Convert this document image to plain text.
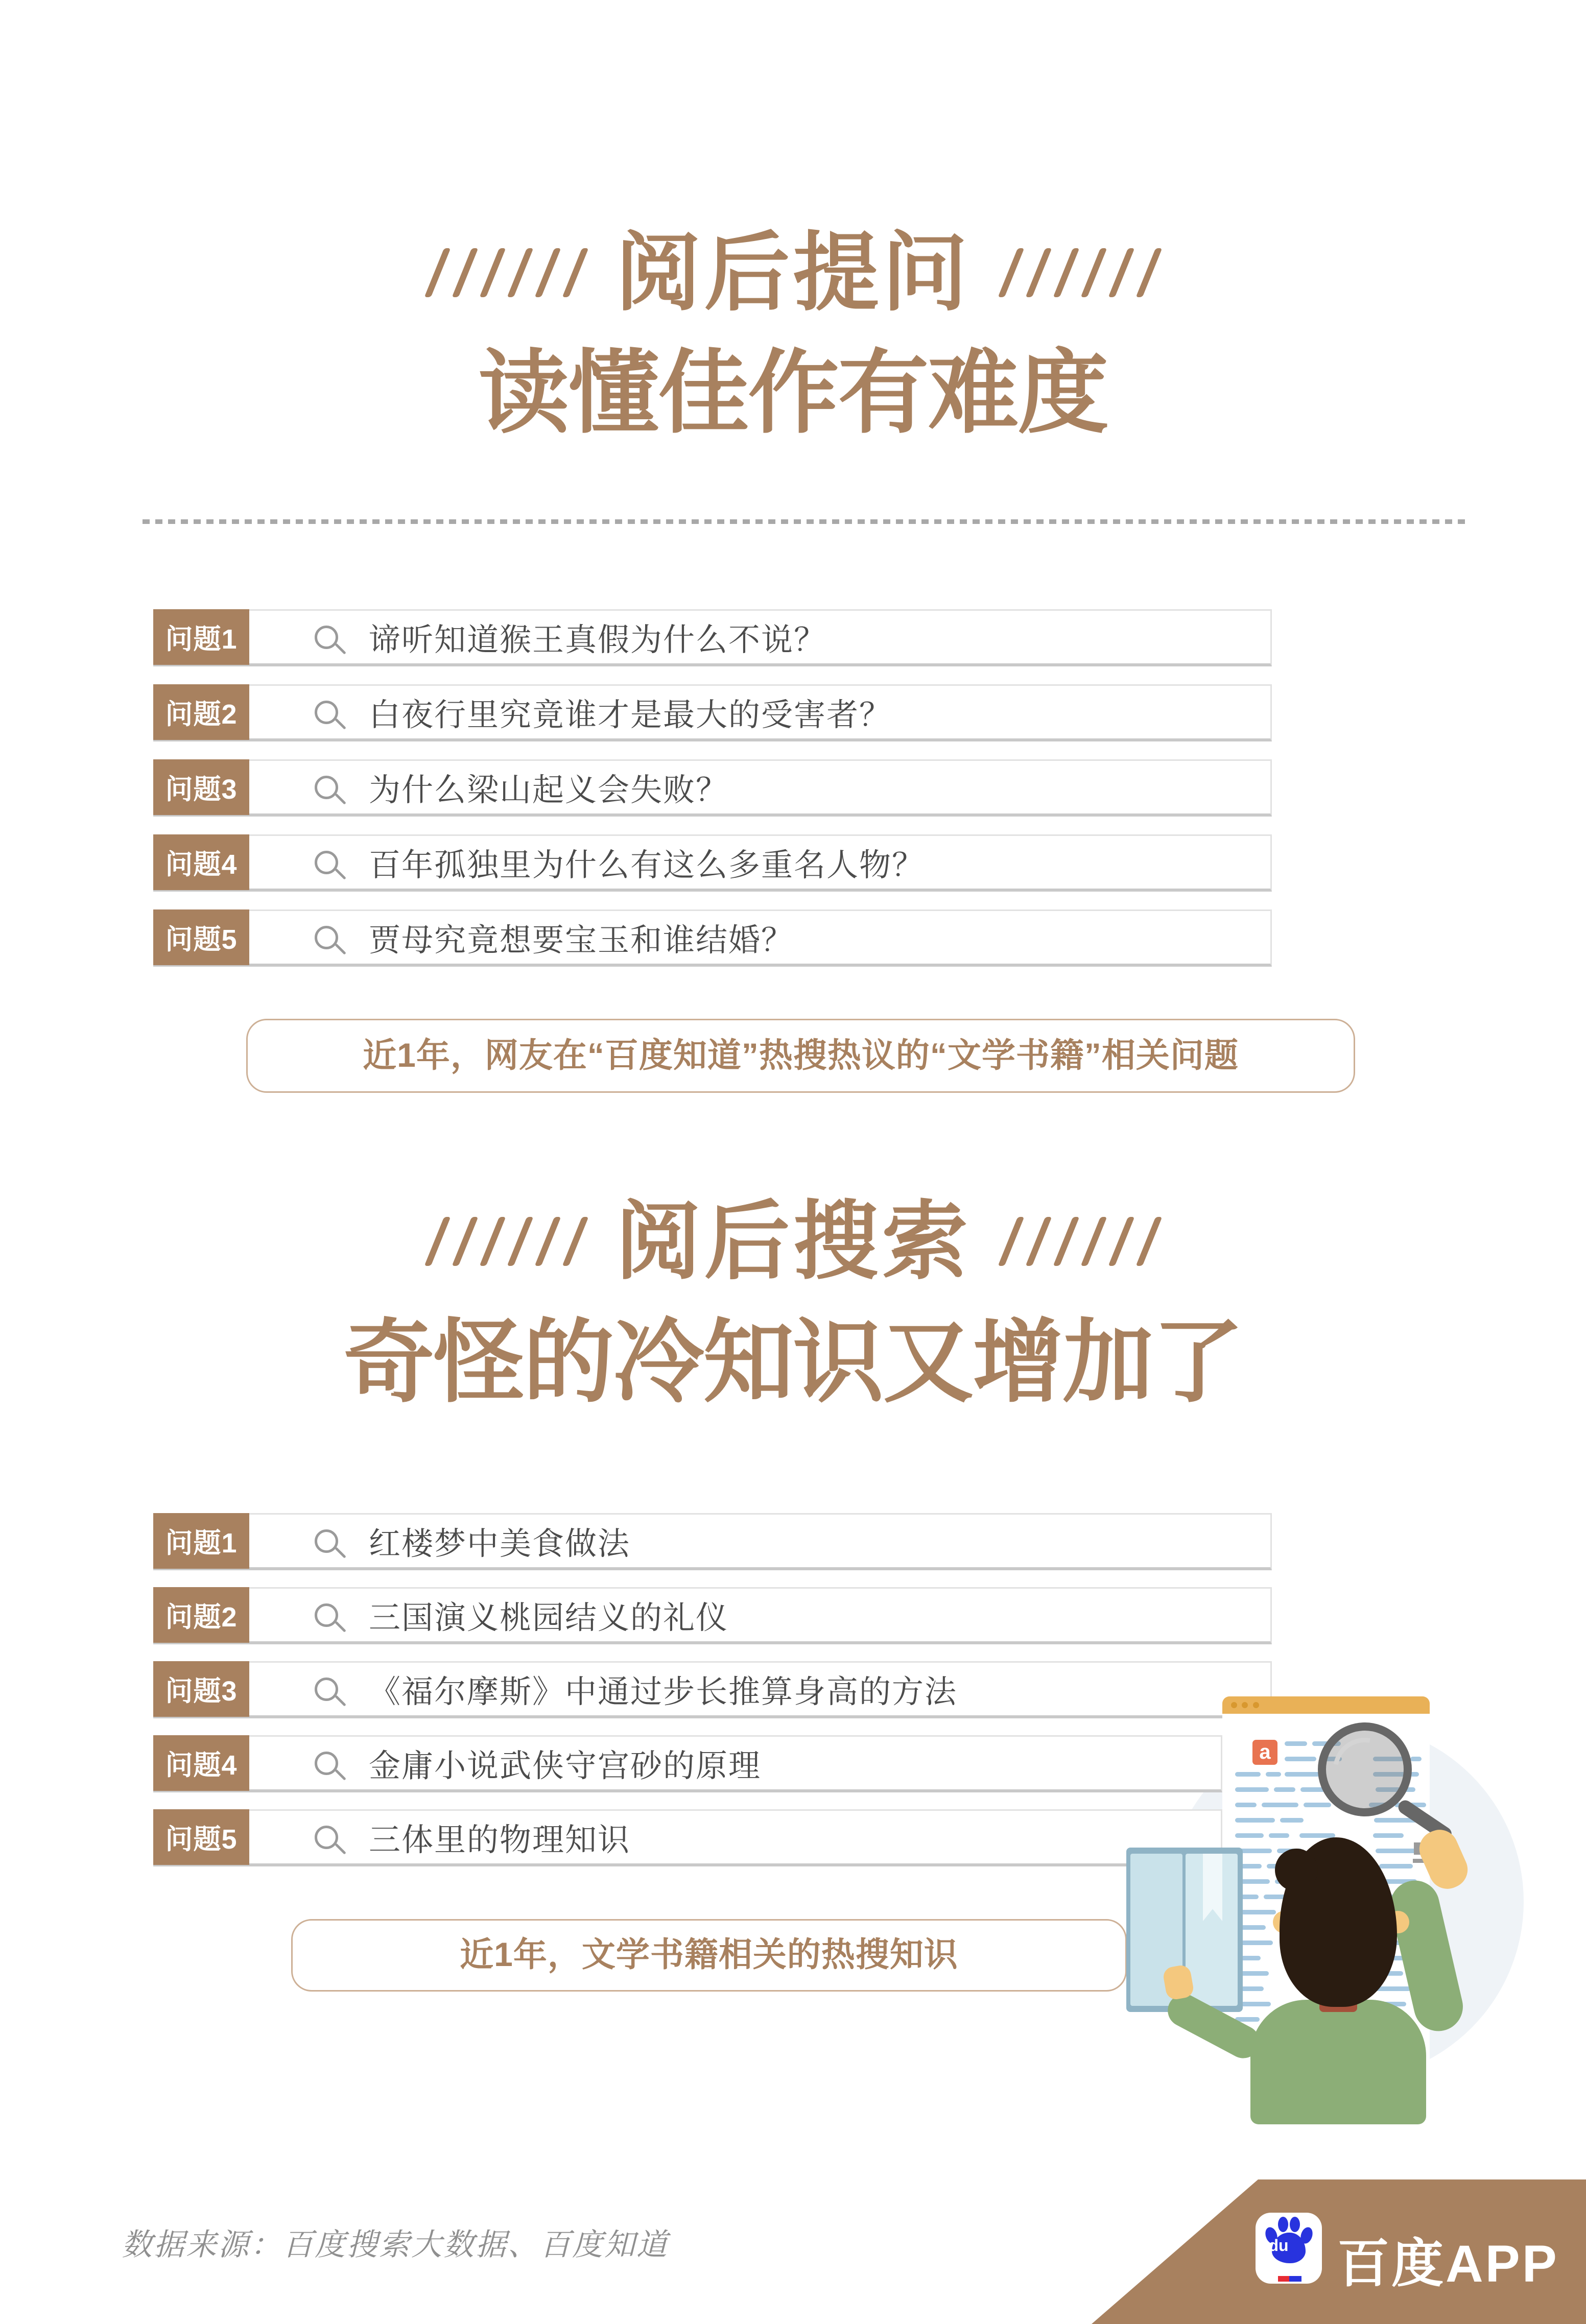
阅后提问
读懂佳作有难度
问题1	谛听知道猴王真假为什么不说？
问题2	白夜行里究竟谁才是最大的受害者？
问题3	为什么梁山起义会失败？
问题4	百年孤独里为什么有这么多重名人物？
问题5	贾母究竟想要宝玉和谁结婚？
近1年，网友在“百度知道”热搜热议的“文学书籍”相关问题
阅后搜索
奇怪的冷知识又增加了
问题1	红楼梦中美食做法
问题2	三国演义桃园结义的礼仪
问题3	《福尔摩斯》中通过步长推算身高的方法
问题4	金庸小说武侠守宫砂的原理
问题5	三体里的物理知识
近1年，文学书籍相关的热搜知识
a
数据来源：百度搜索大数据、百度知道	du 百度APP
